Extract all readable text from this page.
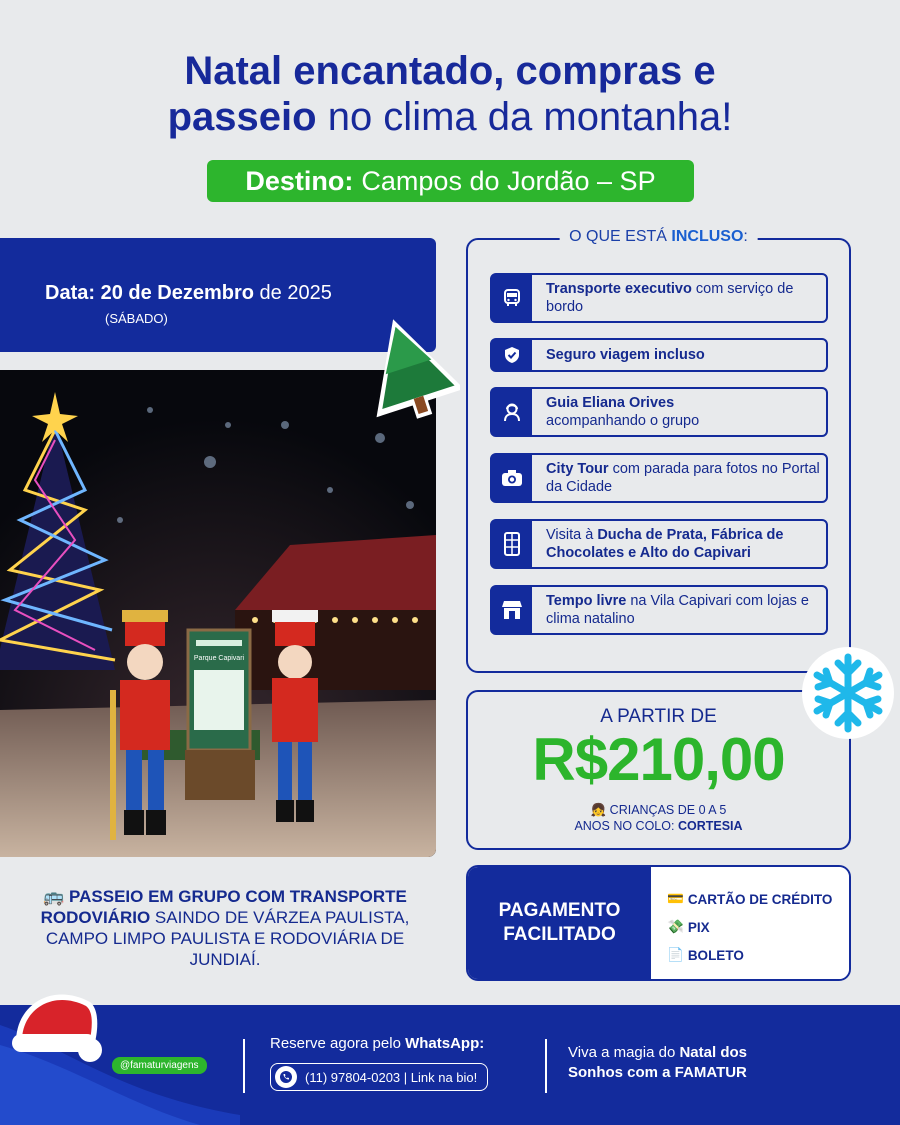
Natal encantado, compras e
passeio no clima da montanha!
Destino: Campos do Jordão – SP
Data: 20 de Dezembro de 2025
(SÁBADO)
Parque Capivari
O QUE ESTÁ INCLUSO:
Transporte executivo com serviço de bordo
Seguro viagem incluso
Guia Eliana Orives
acompanhando o grupo
City Tour com parada para fotos no Portal da Cidade
Visita à Ducha de Prata, Fábrica de Chocolates e Alto do Capivari
Tempo livre na Vila Capivari com lojas e clima natalino
A PARTIR DE
R$210,00
👧 CRIANÇAS DE 0 A 5
ANOS NO COLO: CORTESIA
PAGAMENTO FACILITADO
💳 CARTÃO DE CRÉDITO
💸 PIX
📄 BOLETO
🚌 PASSEIO EM GRUPO COM TRANSPORTE RODOVIÁRIO SAINDO DE VÁRZEA PAULISTA, CAMPO LIMPO PAULISTA E RODOVIÁRIA DE JUNDIAÍ.
@famaturviagens
Reserve agora pelo WhatsApp:
(11) 97804-0203 | Link na bio!
Viva a magia do Natal dos
Sonhos com a FAMATUR
